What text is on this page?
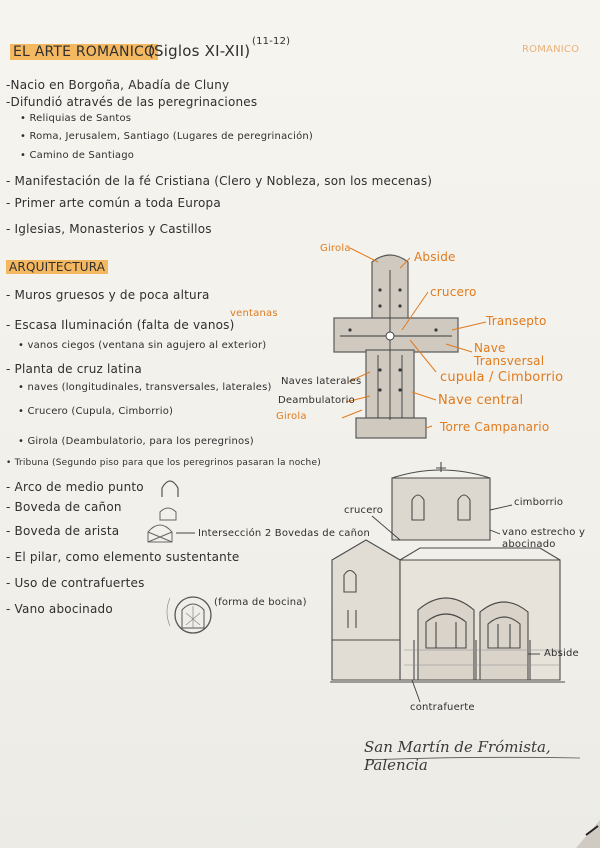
EL ARTE ROMANICO
(Siglos XI-XII)
(11-12)
ROMANICO
-Nacio en Borgoña, Abadía de Cluny
-Difundió através de las peregrinaciones
• Reliquias de Santos
• Roma, Jerusalem, Santiago (Lugares de peregrinación)
• Camino de Santiago
- Manifestación de la fé Cristiana (Clero y Nobleza, son los mecenas)
- Primer arte común a toda Europa
- Iglesias, Monasterios y Castillos
ARQUITECTURA
- Muros gruesos y de poca altura
- Escasa Iluminación (falta de vanos)
ventanas
• vanos ciegos (ventana sin agujero al exterior)
- Planta de cruz latina
• naves (longitudinales, transversales, laterales)
• Crucero (Cupula, Cimborrio)
• Girola (Deambulatorio, para los peregrinos)
• Tribuna (Segundo piso para que los peregrinos pasaran la noche)
- Arco de medio punto
- Boveda de cañon
- Boveda de arista	Intersección 2 Bovedas de cañon
- El pilar, como elemento sustentante
- Uso de contrafuertes
- Vano abocinado	(forma de bocina)
Girola
Abside
crucero
Transepto
Nave Transversal
cupula / Cimborrio
Naves laterales
Deambulatorio
Girola
Nave central
Torre Campanario
crucero
cimborrio
vano estrecho y abocinado
Abside
contrafuerte
San Martín de Frómista, Palencia
